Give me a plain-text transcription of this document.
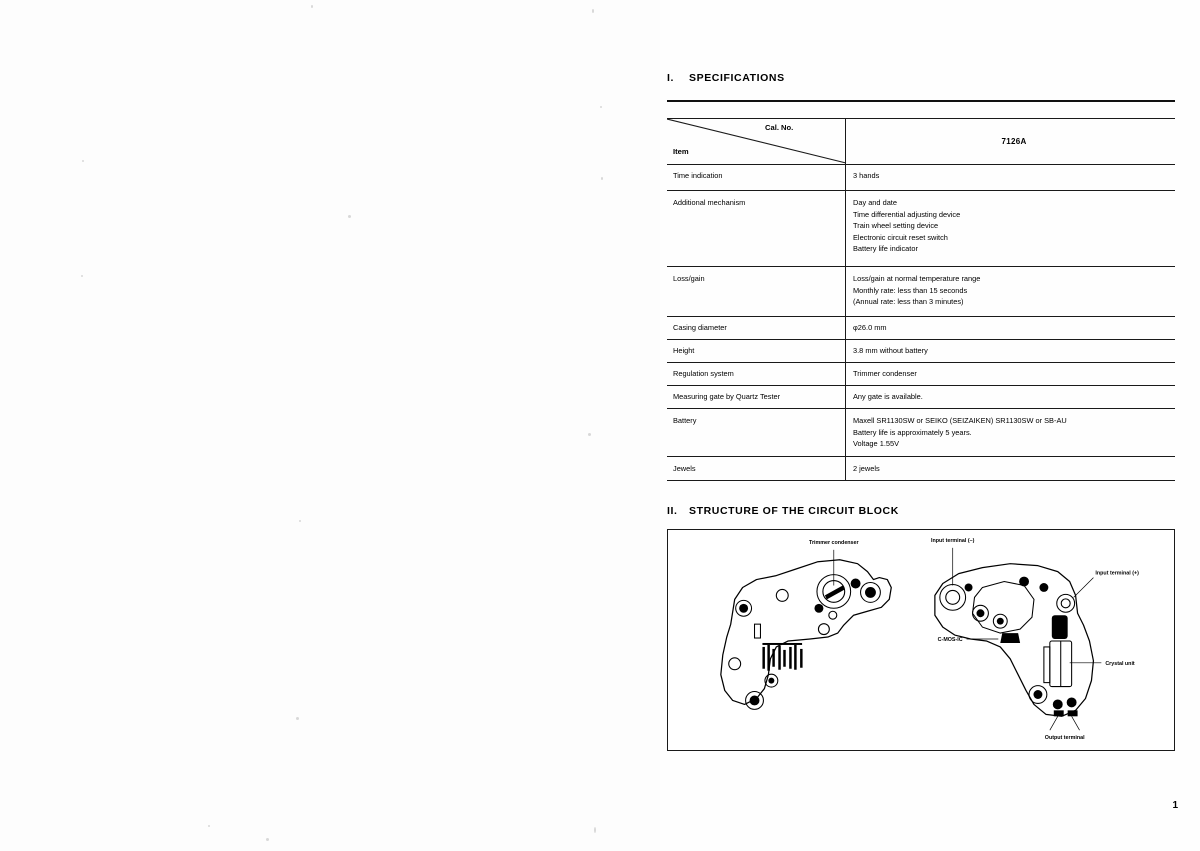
I. SPECIFICATIONS
Cal. No.
Item
7126A
Time indication	3 hands
Additional mechanism	Day and date
Time differential adjusting device
Train wheel setting device
Electronic circuit reset switch
Battery life indicator
Loss/gain	Loss/gain at normal temperature range
Monthly rate: less than 15 seconds
(Annual rate: less than 3 minutes)
Casing diameter	φ26.0 mm
Height	3.8 mm without battery
Regulation system	Trimmer condenser
Measuring gate by Quartz Tester	Any gate is available.
Battery	Maxell SR1130SW or SEIKO (SEIZAIKEN) SR1130SW or SB-AU
Battery life is approximately 5 years.
Voltage 1.55V
Jewels	2 jewels
II. STRUCTURE OF THE CIRCUIT BLOCK
Trimmer condenser	Input terminal (–)
Input terminal (+)
C-MOS-IC
Crystal unit
Output terminal
1
